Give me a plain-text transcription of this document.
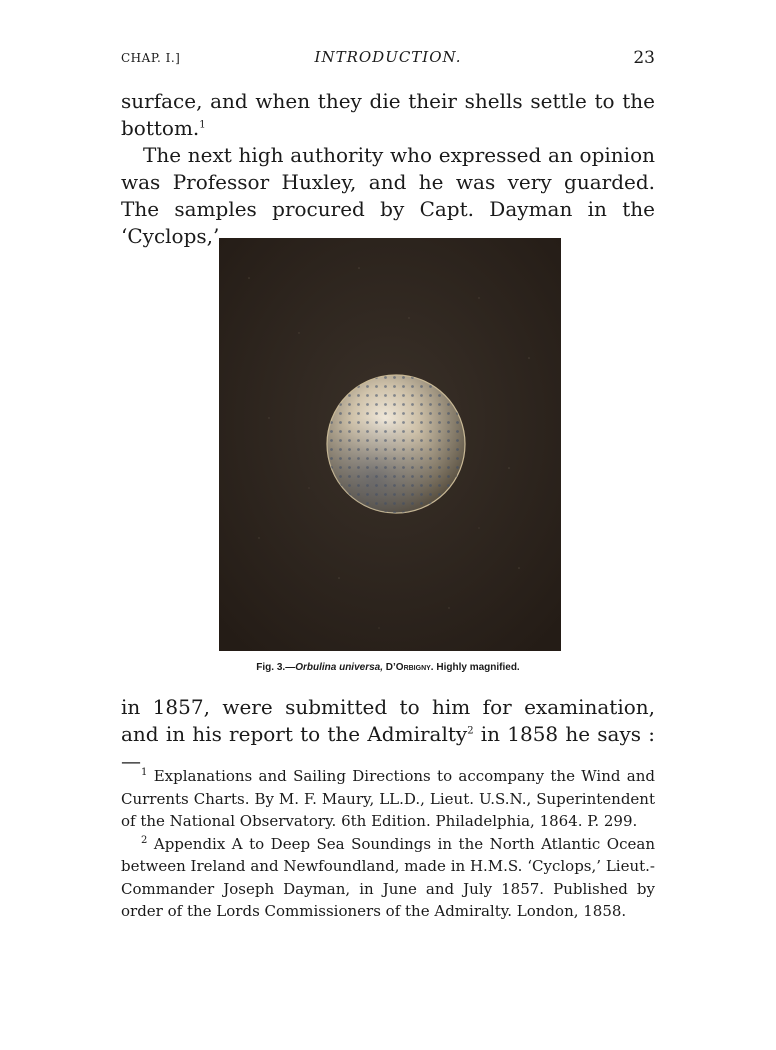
CHAP. I.]	INTRODUCTION.	23

surface, and when they die their shells settle to the bottom.$^1$

The next high authority who expressed an opinion was Professor Huxley, and he was very guarded. The samples procured by Capt. Dayman in the ‘Cyclops,’

Fig. 3.—Orbulina universa, D’Orbigny. Highly magnified.

in 1857, were submitted to him for examination, and in his report to the Admiralty$^2$ in 1858 he says :— $^1$ Explanations and Sailing Directions to accompany the Wind and Currents Charts. By M. F. Maury, LL.D., Lieut. U.S.N., Superintendent of the National Observatory. 6th Edition. Philadelphia, 1864. P. 299.

$^2$ Appendix A to Deep Sea Soundings in the North Atlantic Ocean between Ireland and Newfoundland, made in H.M.S. ‘Cyclops,’ Lieut.-Commander Joseph Dayman, in June and July 1857. Published by order of the Lords Commissioners of the Admiralty. London, 1858.
